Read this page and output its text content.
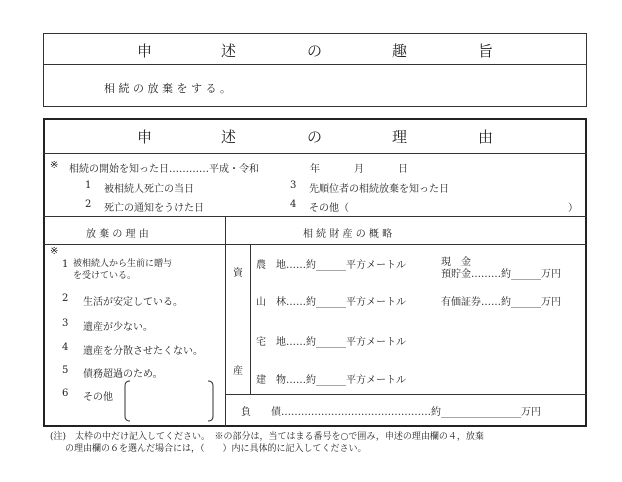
申	述	の	趣	旨
相 続 の 放 棄 を す る 。
申	述	の	理	由
※ 相続の開始を知った日…………平成・令和	年	月	日
1 被相続人死亡の当日	3 先順位者の相続放棄を知った日
2 死亡の通知をうけた日	4 その他（	）
放 棄 の 理 由
※
1 被相続人から生前に贈与
を受けている。
2 生活が安定している。
3 遺産が少ない。
4 遺産を分散させたくない。
5 債務超過のため。
6 その他
相 続 財 産 の 概 略
資
産
農　地……約______平方メートル	現　金
預貯金………約______万円
山　林……約______平方メートル	有価証券……約______万円
宅　地……約______平方メートル
建　物……約______平方メートル
負　　債………………………………………約________________万円
(注)　太枠の中だけ記入してください。　※の部分は，当てはまる番号を○で囲み，申述の理由欄の４，放棄
の理由欄の６を選んだ場合には，（　　）内に具体的に記入してください。
